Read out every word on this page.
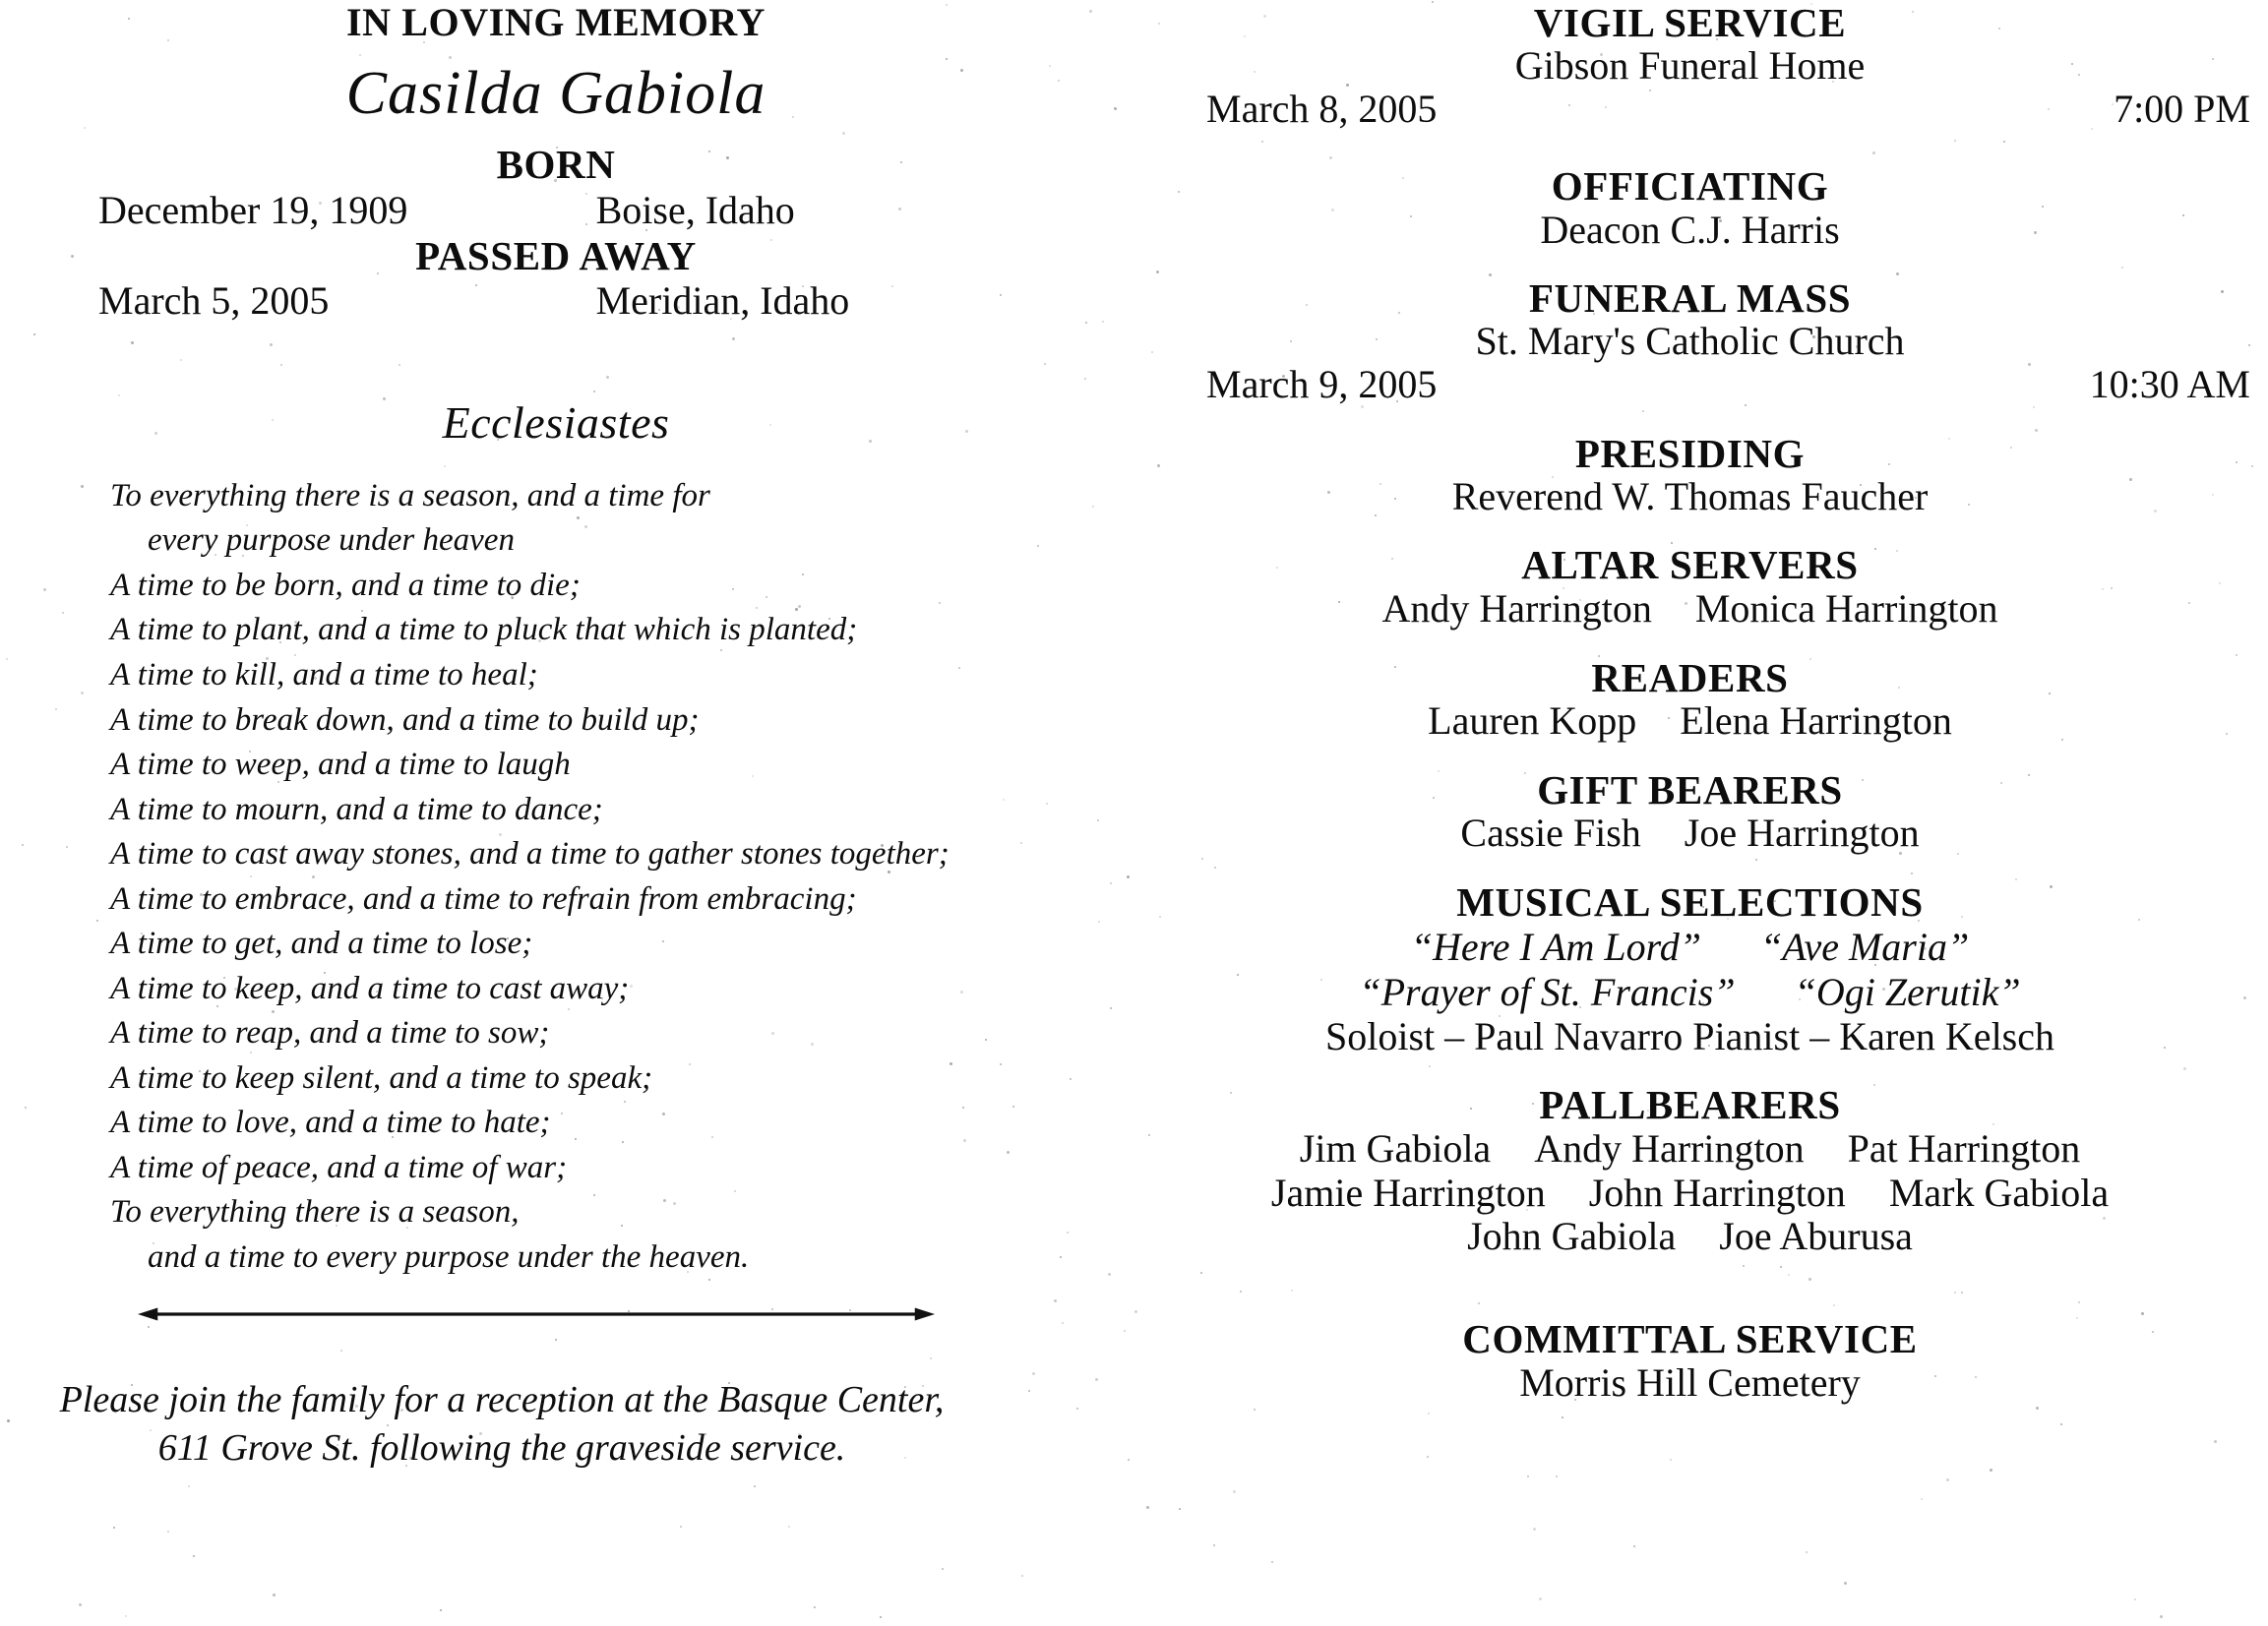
IN LOVING MEMORY
Casilda Gabiola
BORN
December 19, 1909	Boise, Idaho
PASSED AWAY
March 5, 2005	Meridian, Idaho
Ecclesiastes
To everything there is a season, and a time for
every purpose under heaven
A time to be born, and a time to die;
A time to plant, and a time to pluck that which is planted;
A time to kill, and a time to heal;
A time to break down, and a time to build up;
A time to weep, and a time to laugh
A time to mourn, and a time to dance;
A time to cast away stones, and a time to gather stones together;
A time to embrace, and a time to refrain from embracing;
A time to get, and a time to lose;
A time to keep, and a time to cast away;
A time to reap, and a time to sow;
A time to keep silent, and a time to speak;
A time to love, and a time to hate;
A time of peace, and a time of war;
To everything there is a season,
and a time to every purpose under the heaven.
Please join the family for a reception at the Basque Center,
611 Grove St. following the graveside service.
VIGIL SERVICE
Gibson Funeral Home
March 8, 2005	7:00 PM
OFFICIATING
Deacon C.J. Harris
FUNERAL MASS
St. Mary's Catholic Church
March 9, 2005	10:30 AM
PRESIDING
Reverend W. Thomas Faucher
ALTAR SERVERS
Andy Harrington Monica Harrington
READERS
Lauren Kopp Elena Harrington
GIFT BEARERS
Cassie Fish Joe Harrington
MUSICAL SELECTIONS
“Here I Am Lord” “Ave Maria”
“Prayer of St. Francis” “Ogi Zerutik”
Soloist – Paul Navarro Pianist – Karen Kelsch
PALLBEARERS
Jim Gabiola Andy Harrington Pat Harrington
Jamie Harrington John Harrington Mark Gabiola
John Gabiola Joe Aburusa
COMMITTAL SERVICE
Morris Hill Cemetery
